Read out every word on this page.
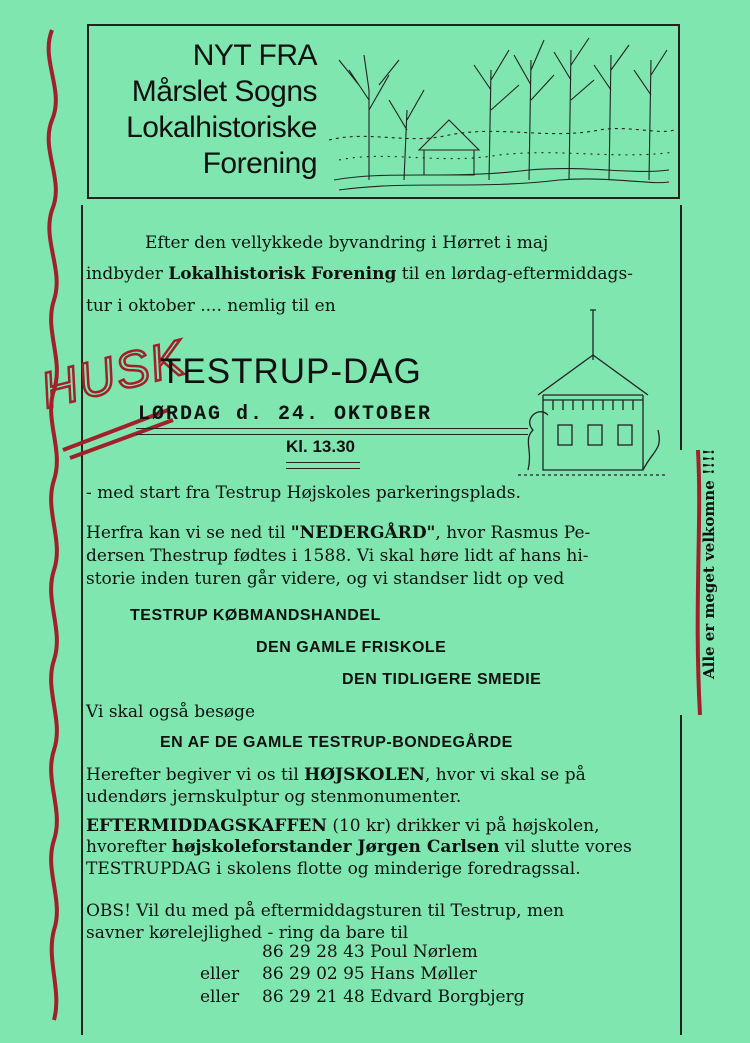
NYT FRA
Mårslet Sogns
Lokalhistoriske
Forening
Efter den vellykkede byvandring i Hørret i maj
indbyder Lokalhistorisk Forening til en lørdag-eftermiddags-
tur i oktober .... nemlig til en
HUSK
TESTRUP-DAG
LØRDAG d. 24. OKTOBER
Kl. 13.30
- med start fra Testrup Højskoles parkeringsplads.
Herfra kan vi se ned til "NEDERGÅRD", hvor Rasmus Pe-
dersen Thestrup fødtes i 1588. Vi skal høre lidt af hans hi-
storie inden turen går videre, og vi standser lidt op ved
TESTRUP KØBMANDSHANDEL
DEN GAMLE FRISKOLE
DEN TIDLIGERE SMEDIE
Vi skal også besøge
EN AF DE GAMLE TESTRUP-BONDEGÅRDE
Herefter begiver vi os til HØJSKOLEN, hvor vi skal se på
udendørs jernskulptur og stenmonumenter.
EFTERMIDDAGSKAFFEN (10 kr) drikker vi på højskolen,
hvorefter højskoleforstander Jørgen Carlsen vil slutte vores
TESTRUPDAG i skolens flotte og minderige foredragssal.
OBS! Vil du med på eftermiddagsturen til Testrup, men
savner kørelejlighed - ring da bare til
86 29 28 43 Poul Nørlem
eller 86 29 02 95 Hans Møller
eller 86 29 21 48 Edvard Borgbjerg
Alle er meget velkomne !!!!
